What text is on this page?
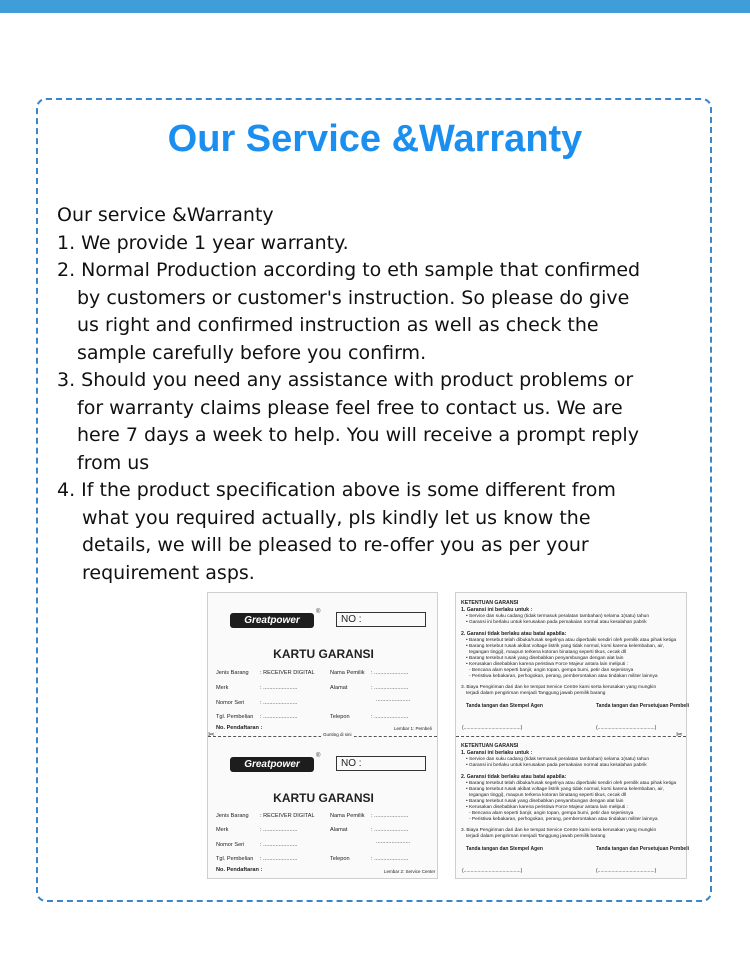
Our Service &Warranty
Our service &Warranty
1. We provide 1 year warranty.
2. Normal Production according to eth sample that confirmed
by customers or customer's instruction. So please do give
us right and confirmed instruction as well as check the
sample carefully before you confirm.
3. Should you need any assistance with product problems or
for warranty claims please feel free to contact us. We are
here 7 days a week to help. You will receive a prompt reply
from us
4. If the product specification above is some different from
what you required actually, pls kindly let us know the
details, we will be pleased to re-offer you as per your
requirement asps.
Greatpower
®
NO :
KARTU GARANSI
Jenis Barang : RECEIVER DIGITAL	Nama Pemilik : ......................
Merk	: ......................	Alamat	: ......................
Nomor Seri	: ......................	......................
Tgl. Pembelian : ......................	Telepon	: ......................
No. Pendaftaran :	Lembar 1: Pembeli
✂	Gunting di sini
Greatpower
®
NO :
KARTU GARANSI
Jenis Barang : RECEIVER DIGITAL	Nama Pemilik : ......................
Merk	: ......................	Alamat	: ......................
Nomor Seri	: ......................	......................
Tgl. Pembelian : ......................	Telepon	: ......................
No. Pendaftaran :	Lembar 2: Service Center
KETENTUAN GARANSI
1. Garansi ini berlaku untuk :
• Service dan suku cadang (tidak termasuk peralatan tambahan) selama 1(satu) tahun
• Garansi ini berlaku untuk kerusakan pada pemakaian normal atau kesalahan pabrik
2. Garansi tidak berlaku atau batal apabila:
• Barang tersebut telah dibuka/rusak segelnya atau diperbaiki sendiri oleh pemilik atau pihak ketiga
• Barang tersebut rusak akibat voltage listrik yang tidak normal, korsi karena kelembaban, air,
tegangan tinggi), maupun terkena kotoran binatang seperti tikus, cecak dll
• Barang tersebut rusak yang disebabkan penyambungan dengan alat lain
• Kerusakan disebabkan karena peristiwa Force Majeur antara lain meliputi :
- Bencana alam seperti banjir, angin topan, gempa bumi, petir dan sejenisnya
- Peristiwa kebakaran, perhogokan, perang, pemberontakan atau tindakan militer lainnya
3. Biaya Pengiriman dari dan ke tempat Service Centre kami serta kerusakan yang mungkin
terjadi dalam pengiriman menjadi Tanggung jawab pemilik barang
Tanda tangan dan Stempel Agen	Tanda tangan dan Persetujuan Pembeli
(.........................................)	(.........................................)
✂
KETENTUAN GARANSI
1. Garansi ini berlaku untuk :
• Service dan suku cadang (tidak termasuk peralatan tambahan) selama 1(satu) tahun
• Garansi ini berlaku untuk kerusakan pada pemakaian normal atau kesalahan pabrik
2. Garansi tidak berlaku atau batal apabila:
• Barang tersebut telah dibuka/rusak segelnya atau diperbaiki sendiri oleh pemilik atau pihak ketiga
• Barang tersebut rusak akibat voltage listrik yang tidak normal, korsi karena kelembaban, air,
tegangan tinggi), maupun terkena kotoran binatang seperti tikus, cecak dll
• Barang tersebut rusak yang disebabkan penyambungan dengan alat lain
• Kerusakan disebabkan karena peristiwa Force Majeur antara lain meliputi :
- Bencana alam seperti banjir, angin topan, gempa bumi, petir dan sejenisnya
- Peristiwa kebakaran, perhogokan, perang, pemberontakan atau tindakan militer lainnya
3. Biaya Pengiriman dari dan ke tempat Service Centre kami serta kerusakan yang mungkin
terjadi dalam pengiriman menjadi Tanggung jawab pemilik barang
Tanda tangan dan Stempel Agen	Tanda tangan dan Persetujuan Pembeli
(.........................................)	(.........................................)
